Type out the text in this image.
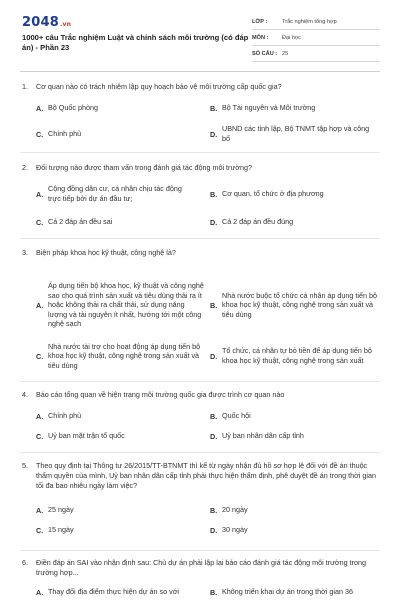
2048.vn
1000+ câu Trắc nghiệm Luật và chính sách môi trường (có đáp án) - Phần 23
LỚP :	Trắc nghiệm tổng hợp
MÔN :	Đại học
SỐ CÂU : 25
1. Cơ quan nào có trách nhiệm lập quy hoạch bảo vệ môi trường cấp quốc gia?
A. Bộ Quốc phòng	B. Bộ Tài nguyên và Môi trường
C. Chính phủ	D.
UBND các tỉnh lập, Bộ TNMT tập hợp và công bố
2. Đối tượng nào được tham vấn trong đánh giá tác động môi trường?
A.
Cộng đồng dân cư, cá nhân chịu tác động trực tiếp bởi dự án đầu tư;	B. Cơ quan, tổ chức ở địa phương
C. Cả 2 đáp án đều sai	D. Cả 2 đáp án đều đúng
3. Biện pháp khoa học kỹ thuật, công nghệ là?
A.
Áp dụng tiến bộ khoa học, kỹ thuật và công nghệ sao cho quá trình sản xuất và tiêu dùng thải ra ít hoặc không thải ra chất thải, sử dụng năng lượng và tài nguyên ít nhất, hướng tới một công nghệ sạch
B.
Nhà nước buộc tổ chức cá nhân áp dụng tiến bộ khoa học kỹ thuật, công nghệ trong sản xuất và tiêu dùng
C.
Nhà nước tài trợ cho hoạt động áp dụng tiến bộ khoa học kỹ thuật, công nghệ trong sản xuất và tiêu dùng
D.
Tổ chức, cá nhân tự bỏ tiền để áp dụng tiến bộ khoa học kỹ thuật, công nghệ trong sản xuất
4. Báo cáo tổng quan về hiện trạng môi trường quốc gia được trình cơ quan nào
A. Chính phủ	B. Quốc hội
C. Uỷ ban mặt trận tổ quốc	D. Uỷ ban nhân dân cấp tỉnh
5. Theo quy định tại Thông tư 26/2015/TT-BTNMT thì kể từ ngày nhận đủ hồ sơ hợp lệ đối với đề án thuộc thẩm quyền của mình, Uỷ ban nhân dân cấp tỉnh phải thực hiện thẩm định, phê duyệt đề án trong thời gian tối đa bao nhiêu ngày làm việc?
A. 25 ngày	B. 20 ngày
C. 15 ngày	D. 30 ngày
6. Điền đáp án SAI vào nhận định sau: Chủ dự án phải lập lại báo cáo đánh giá tác động môi trường trong trường hợp...
A. Thay đổi địa điểm thực hiện dự án so với	B. Không triển khai dự án trong thời gian 36
